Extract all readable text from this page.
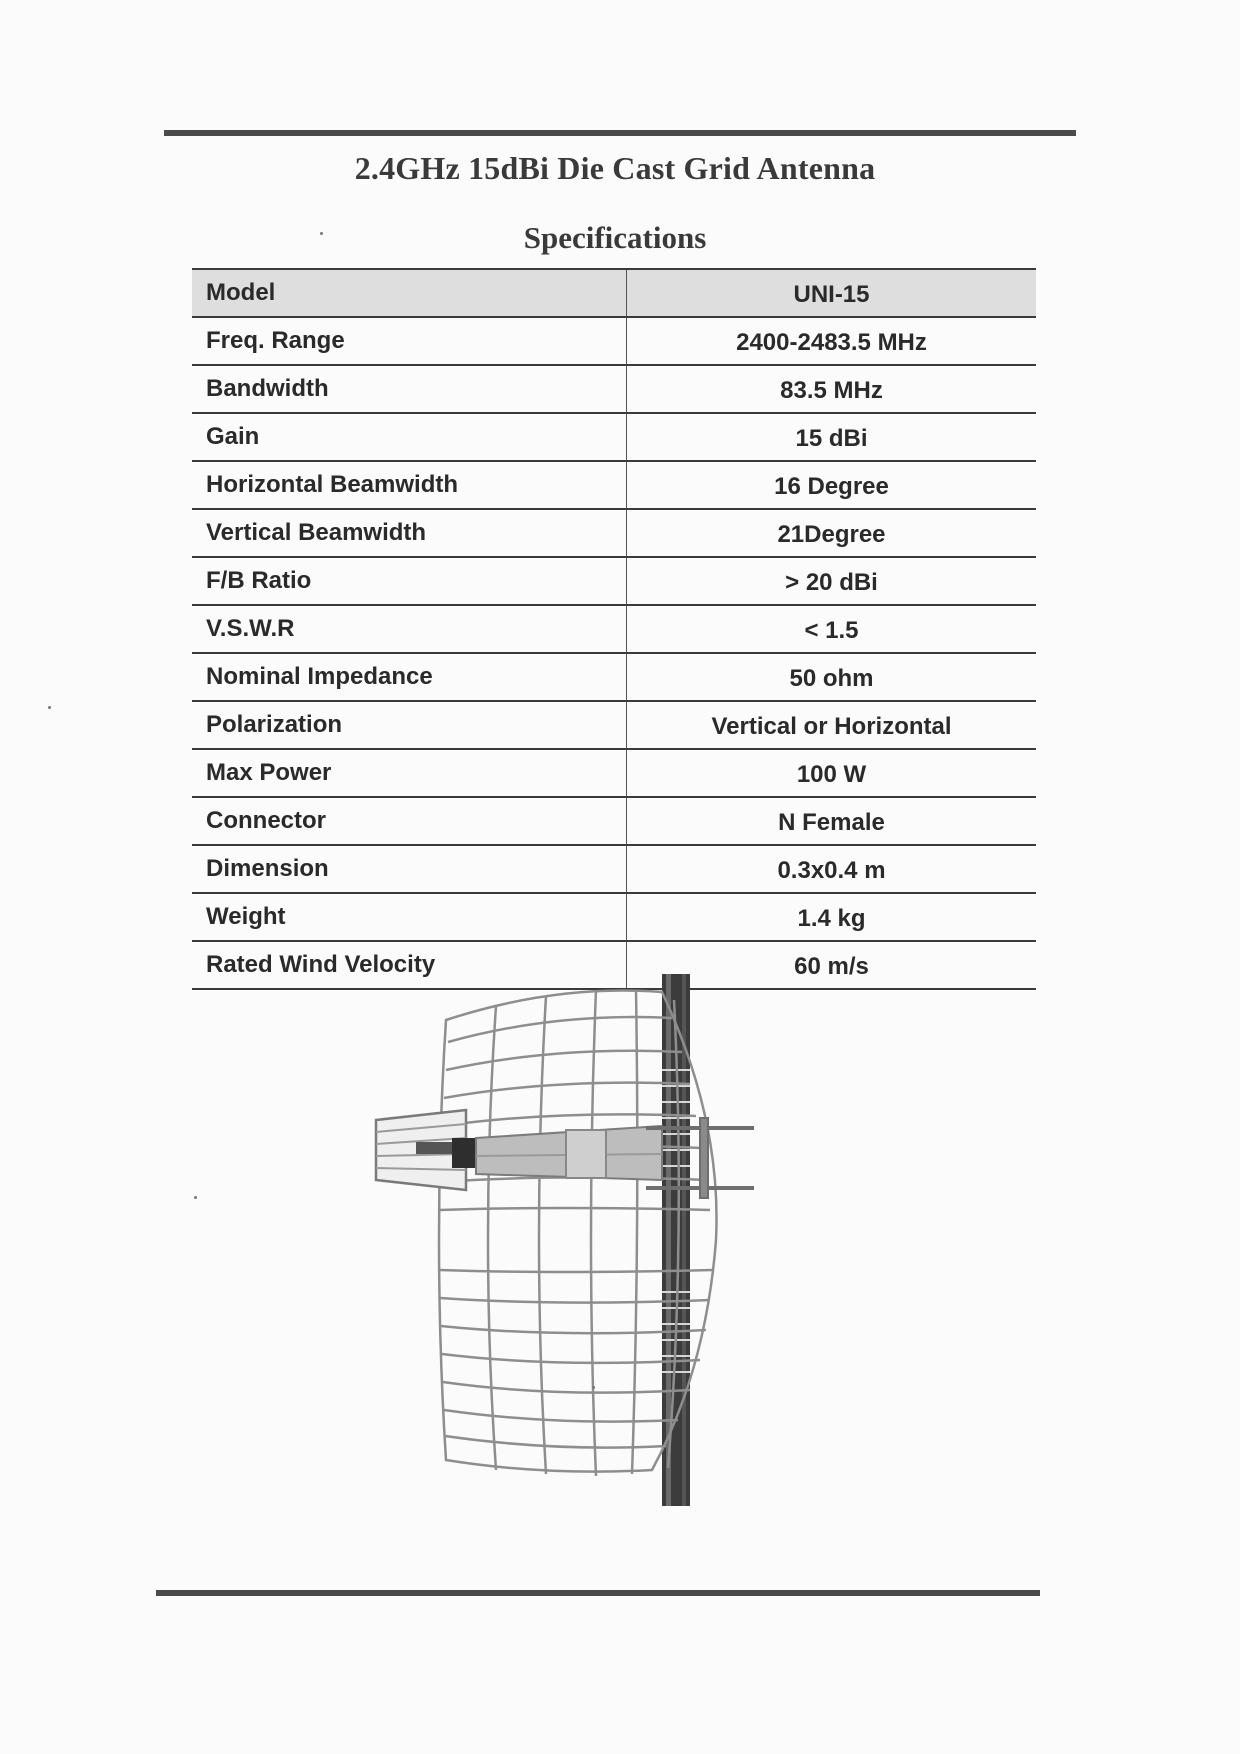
2.4GHz 15dBi Die Cast Grid Antenna
Specifications
Model	UNI-15
Freq. Range	2400-2483.5 MHz
Bandwidth	83.5 MHz
Gain	15 dBi
Horizontal Beamwidth	16 Degree
Vertical Beamwidth	21Degree
F/B Ratio	> 20 dBi
V.S.W.R	< 1.5
Nominal Impedance	50 ohm
Polarization	Vertical or Horizontal
Max Power	100 W
Connector	N Female
Dimension	0.3x0.4 m
Weight	1.4 kg
Rated Wind Velocity	60 m/s
